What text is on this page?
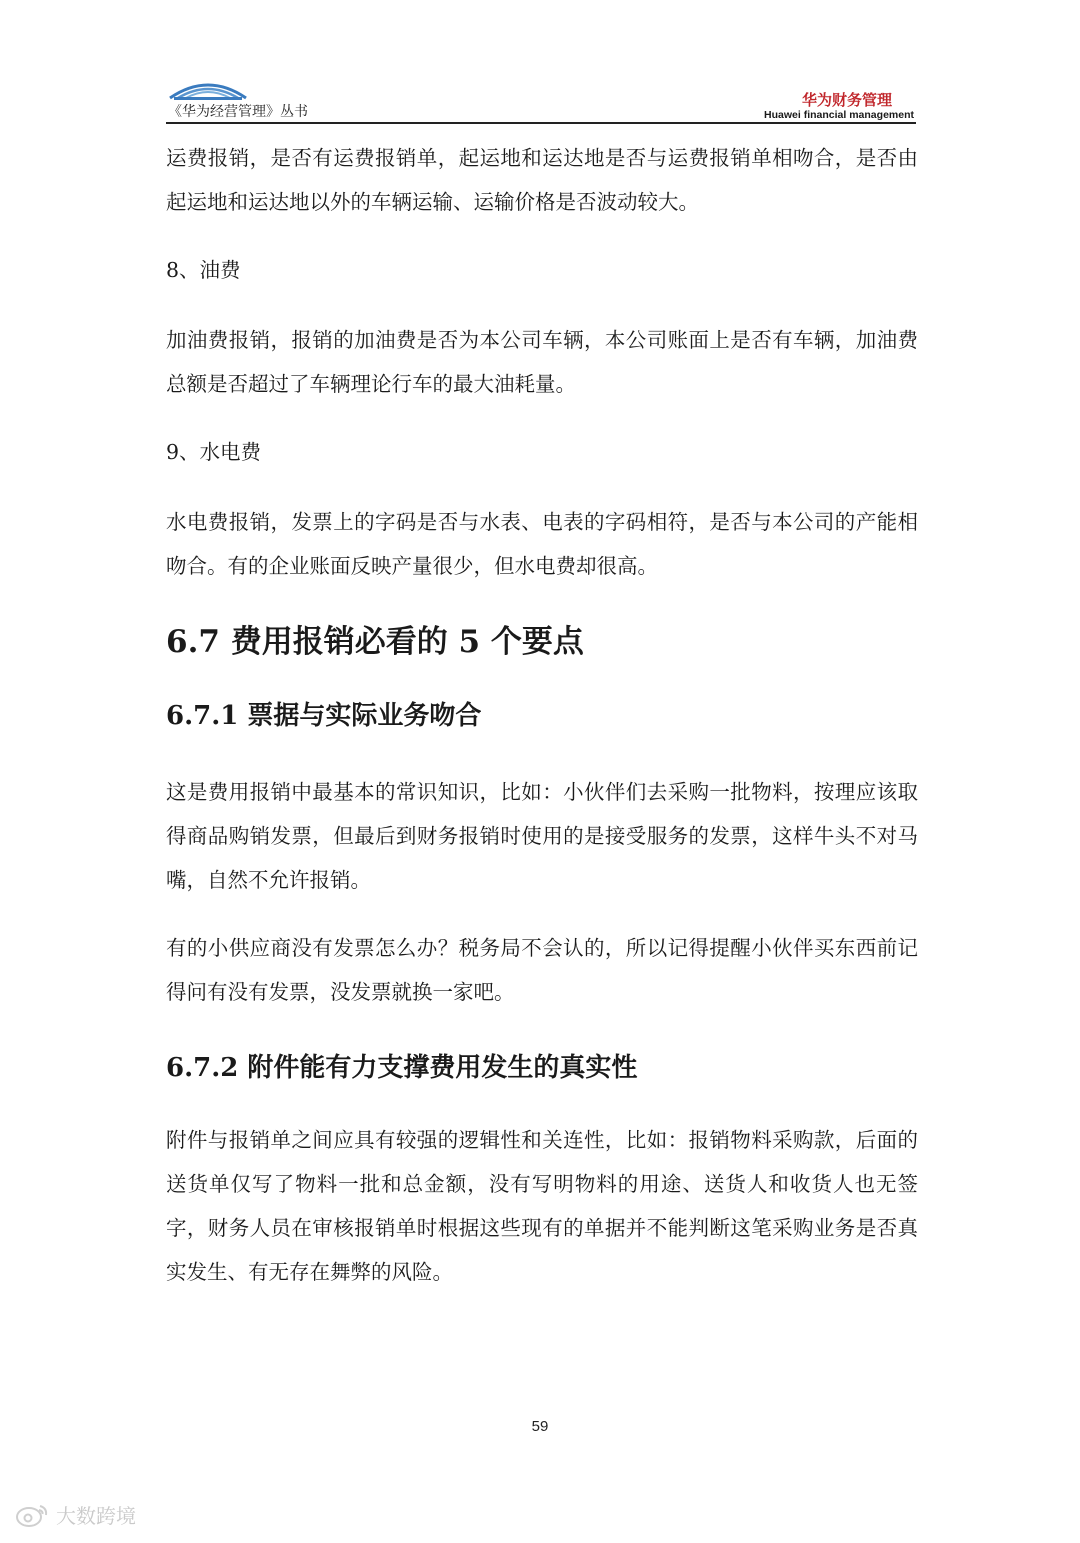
《华为经营管理》丛书
华为财务管理
Huawei financial management

运费报销，是否有运费报销单，起运地和运达地是否与运费报销单相吻合，是否由起运地和运达地以外的车辆运输、运输价格是否波动较大。

8、油费

加油费报销，报销的加油费是否为本公司车辆，本公司账面上是否有车辆，加油费总额是否超过了车辆理论行车的最大油耗量。

9、水电费

水电费报销，发票上的字码是否与水表、电表的字码相符，是否与本公司的产能相吻合。有的企业账面反映产量很少，但水电费却很高。

6.7 费用报销必看的 5 个要点
6.7.1 票据与实际业务吻合

这是费用报销中最基本的常识知识，比如：小伙伴们去采购一批物料，按理应该取得商品购销发票，但最后到财务报销时使用的是接受服务的发票，这样牛头不对马嘴，自然不允许报销。

有的小供应商没有发票怎么办？税务局不会认的，所以记得提醒小伙伴买东西前记得问有没有发票，没发票就换一家吧。

6.7.2 附件能有力支撑费用发生的真实性

附件与报销单之间应具有较强的逻辑性和关连性，比如：报销物料采购款，后面的送货单仅写了物料一批和总金额，没有写明物料的用途、送货人和收货人也无签字，财务人员在审核报销单时根据这些现有的单据并不能判断这笔采购业务是否真实发生、有无存在舞弊的风险。

59
大数跨境
